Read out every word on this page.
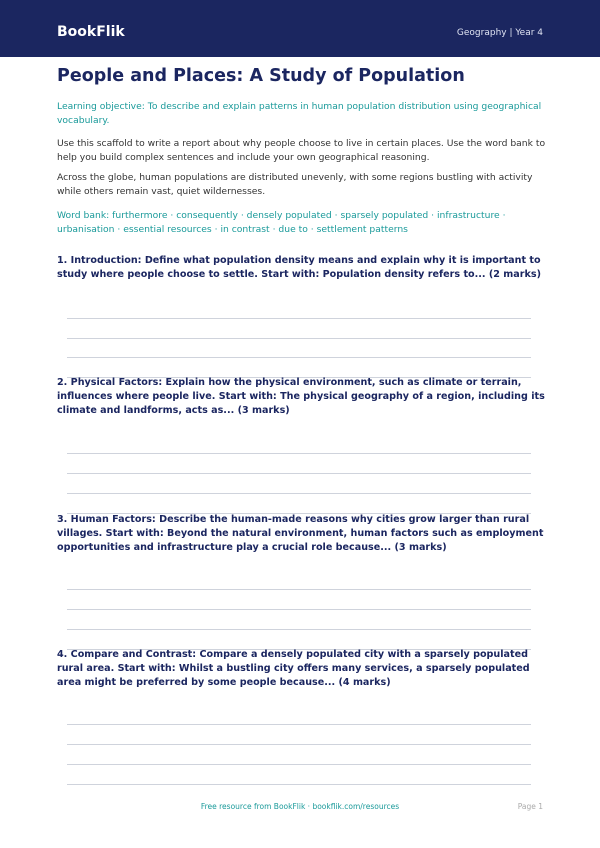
BookFlik	Geography | Year 4
People and Places: A Study of Population

Learning objective: To describe and explain patterns in human population distribution using geographical vocabulary.

Use this scaffold to write a report about why people choose to live in certain places. Use the word bank to help you build complex sentences and include your own geographical reasoning.

Across the globe, human populations are distributed unevenly, with some regions bustling with activity while others remain vast, quiet wildernesses.

Word bank: furthermore · consequently · densely populated · sparsely populated · infrastructure · urbanisation · essential resources · in contrast · due to · settlement patterns

1. Introduction: Define what population density means and explain why it is important to study where people choose to settle. Start with: Population density refers to... (2 marks)

2. Physical Factors: Explain how the physical environment, such as climate or terrain, influences where people live. Start with: The physical geography of a region, including its climate and landforms, acts as... (3 marks)

3. Human Factors: Describe the human-made reasons why cities grow larger than rural villages. Start with: Beyond the natural environment, human factors such as employment opportunities and infrastructure play a crucial role because... (3 marks)

4. Compare and Contrast: Compare a densely populated city with a sparsely populated rural area. Start with: Whilst a bustling city offers many services, a sparsely populated area might be preferred by some people because... (4 marks)

Free resource from BookFlik · bookflik.com/resources	Page 1
